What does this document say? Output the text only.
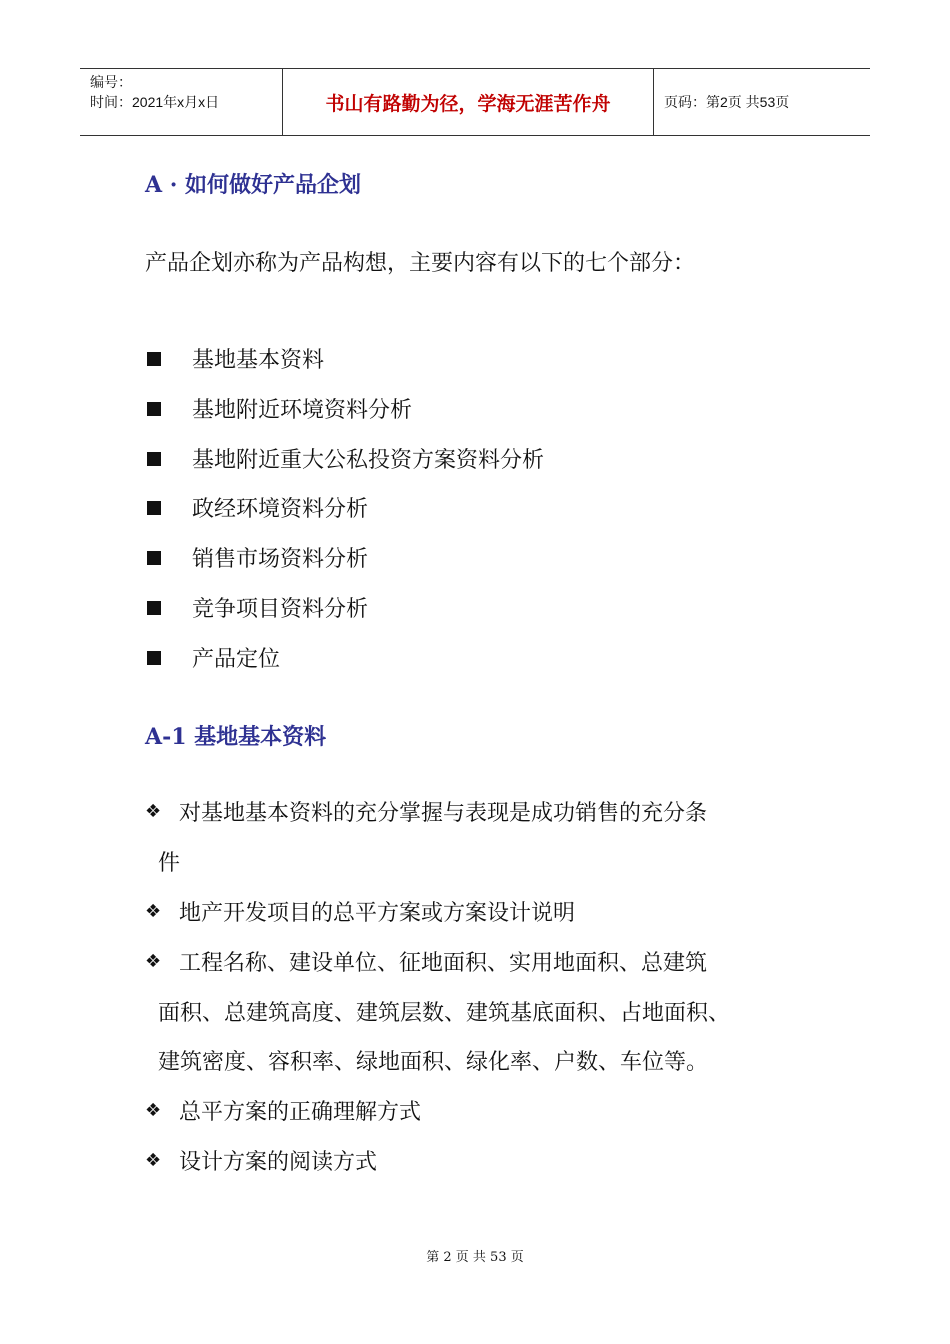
编号：
时间：2021年x月x日	书山有路勤为径，学海无涯苦作舟	页码：第2页 共53页
A · 如何做好产品企划
产品企划亦称为产品构想，主要内容有以下的七个部分：
基地基本资料
基地附近环境资料分析
基地附近重大公私投资方案资料分析
政经环境资料分析
销售市场资料分析
竞争项目资料分析
产品定位
A-1 基地基本资料
❖ 对基地基本资料的充分掌握与表现是成功销售的充分条
件
❖ 地产开发项目的总平方案或方案设计说明
❖ 工程名称、建设单位、征地面积、实用地面积、总建筑
面积、总建筑高度、建筑层数、建筑基底面积、占地面积、
建筑密度、容积率、绿地面积、绿化率、户数、车位等。
❖ 总平方案的正确理解方式
❖ 设计方案的阅读方式
第 2 页 共 53 页
